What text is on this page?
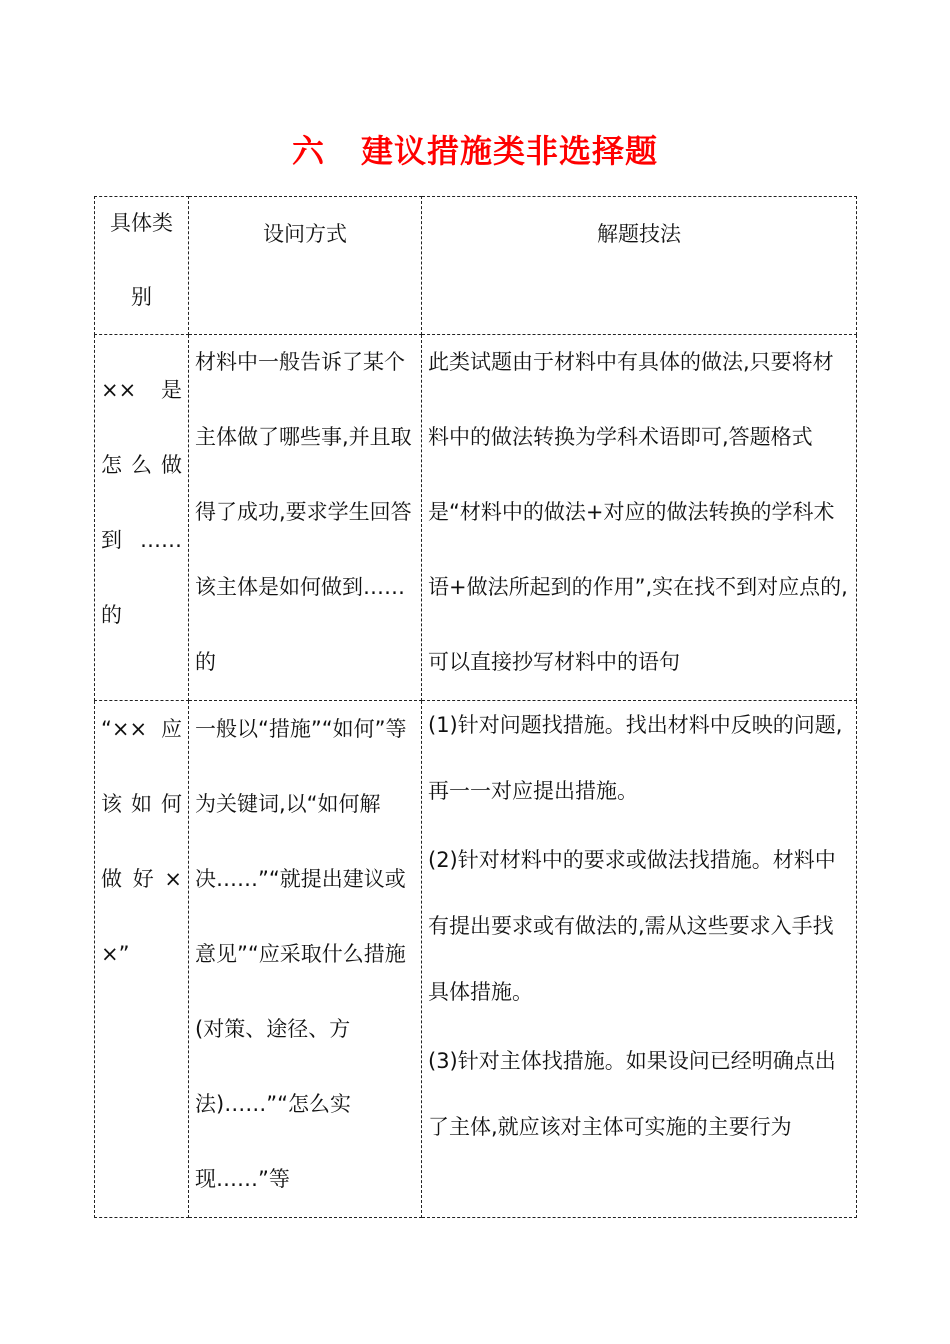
六 建议措施类非选择题
具体类别	设问方式	解题技法

××　是怎么做到……的	材料中一般告诉了某个主体做了哪些事,并且取得了成功,要求学生回答该主体是如何做到……的	此类试题由于材料中有具体的做法,只要将材料中的做法转换为学科术语即可,答题格式是“材料中的做法+对应的做法转换的学科术语+做法所起到的作用”,实在找不到对应点的,可以直接抄写材料中的语句

“××应该如何做好××”	一般以“措施”“如何”等为关键词,以“如何解决……”“就提出建议或意见”“应采取什么措施(对策、途径、方法)……”“怎么实现……”等	(1)针对问题找措施。找出材料中反映的问题,再一一对应提出措施。

(2)针对材料中的要求或做法找措施。材料中有提出要求或有做法的,需从这些要求入手找具体措施。

(3)针对主体找措施。如果设问已经明确点出了主体,就应该对主体可实施的主要行为
